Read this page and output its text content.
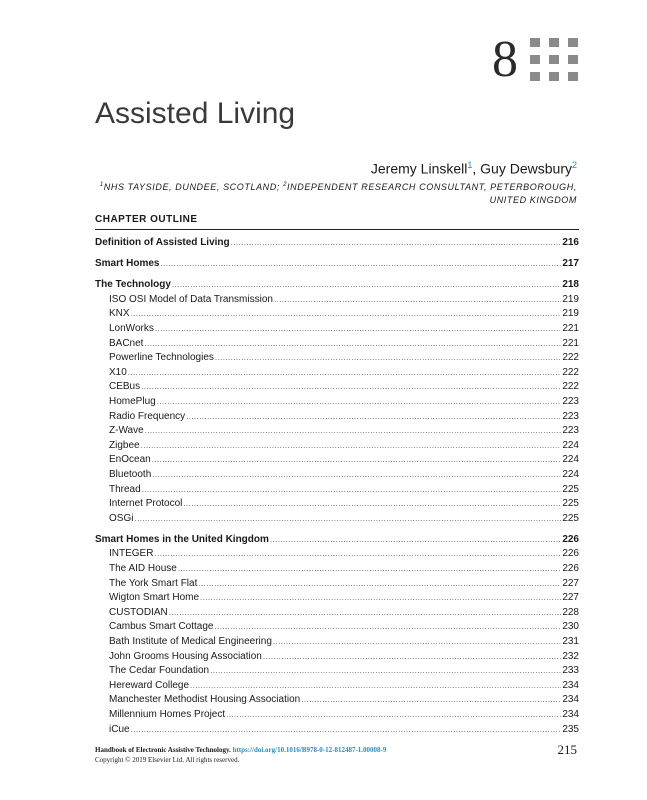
8
Assisted Living
Jeremy Linskell$^1$, Guy Dewsbury$^2$
$^1$NHS TAYSIDE, DUNDEE, SCOTLAND; $^2$INDEPENDENT RESEARCH CONSULTANT, PETERBOROUGH, UNITED KINGDOM
CHAPTER OUTLINE
Definition of Assisted Living .....	216
Smart Homes .....	217
The Technology .....	218
ISO OSI Model of Data Transmission .....	219
KNX .....	219
LonWorks .....	221
BACnet .....	221
Powerline Technologies .....	222
X10 .....	222
CEBus .....	222
HomePlug .....	223
Radio Frequency .....	223
Z-Wave .....	223
Zigbee .....	224
EnOcean .....	224
Bluetooth .....	224
Thread .....	225
Internet Protocol .....	225
OSGi .....	225
Smart Homes in the United Kingdom .....	226
INTEGER .....	226
The AID House .....	226
The York Smart Flat .....	227
Wigton Smart Home .....	227
CUSTODIAN .....	228
Cambus Smart Cottage .....	230
Bath Institute of Medical Engineering .....	231
John Grooms Housing Association .....	232
The Cedar Foundation .....	233
Hereward College .....	234
Manchester Methodist Housing Association .....	234
Millennium Homes Project .....	234
iCue .....	235
Handbook of Electronic Assistive Technology. https://doi.org/10.1016/B978-0-12-812487-1.00008-9
Copyright © 2019 Elsevier Ltd. All rights reserved.
215
